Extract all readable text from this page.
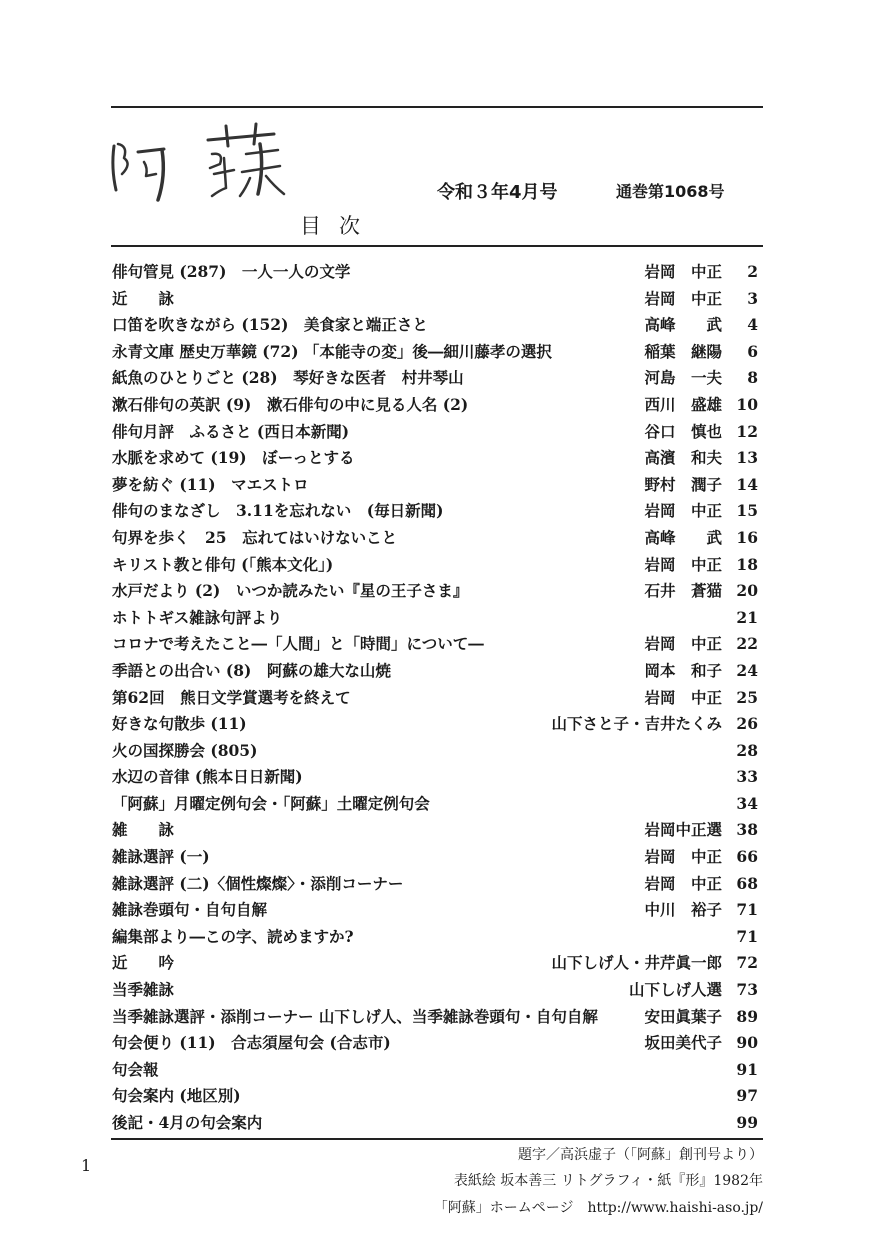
令和３年4月号	通巻第1068号
目次
俳句管見 (287)　一人一人の文学	岩岡　中正	2
近　　詠	岩岡　中正	3
口笛を吹きながら (152)　美食家と端正さと	高峰　　武	4
永青文庫 歴史万華鏡 (72) 「本能寺の変」後―細川藤孝の選択	稲葉　継陽	6
紙魚のひとりごと (28)　琴好きな医者　村井琴山	河島　一夫	8
漱石俳句の英訳 (9)　漱石俳句の中に見る人名 (2)	西川　盛雄 10
俳句月評　ふるさと (西日本新聞)	谷口　慎也 12
水脈を求めて (19)　ぼーっとする	高濱　和夫 13
夢を紡ぐ (11)　マエストロ	野村　潤子 14
俳句のまなざし　3.11を忘れない　(毎日新聞)	岩岡　中正 15
句界を歩く　25　忘れてはいけないこと	高峰　　武 16
キリスト教と俳句 (「熊本文化」)	岩岡　中正 18
水戸だより (2)　いつか読みたい『星の王子さま』	石井　蒼猫 20
ホトトギス雑詠句評より	21
コロナで考えたこと―「人間」と「時間」について―	岩岡　中正 22
季語との出合い (8)　阿蘇の雄大な山焼	岡本　和子 24
第62回　熊日文学賞選考を終えて	岩岡　中正 25
好きな句散歩 (11)	山下さと子・吉井たくみ 26
火の国探勝会 (805)	28
水辺の音律 (熊本日日新聞)	33
「阿蘇」月曜定例句会・「阿蘇」土曜定例句会	34
雑　　詠	岩岡中正選 38
雑詠選評 (一)	岩岡　中正 66
雑詠選評 (二)〈個性燦燦〉・添削コーナー	岩岡　中正 68
雑詠巻頭句・自句自解	中川　裕子 71
編集部より―この字、読めますか?	71
近　　吟	山下しげ人・井芹眞一郎 72
当季雑詠	山下しげ人選 73
当季雑詠選評・添削コーナー 山下しげ人、当季雑詠巻頭句・自句自解	安田眞葉子 89
句会便り (11)　合志須屋句会 (合志市)	坂田美代子 90
句会報	91
句会案内 (地区別)	97
後記・4月の句会案内	99
1
題字／高浜虚子（「阿蘇」創刊号より）
表紙絵 坂本善三 リトグラフィ・紙『形』1982年
「阿蘇」ホームページ　http://www.haishi-aso.jp/
